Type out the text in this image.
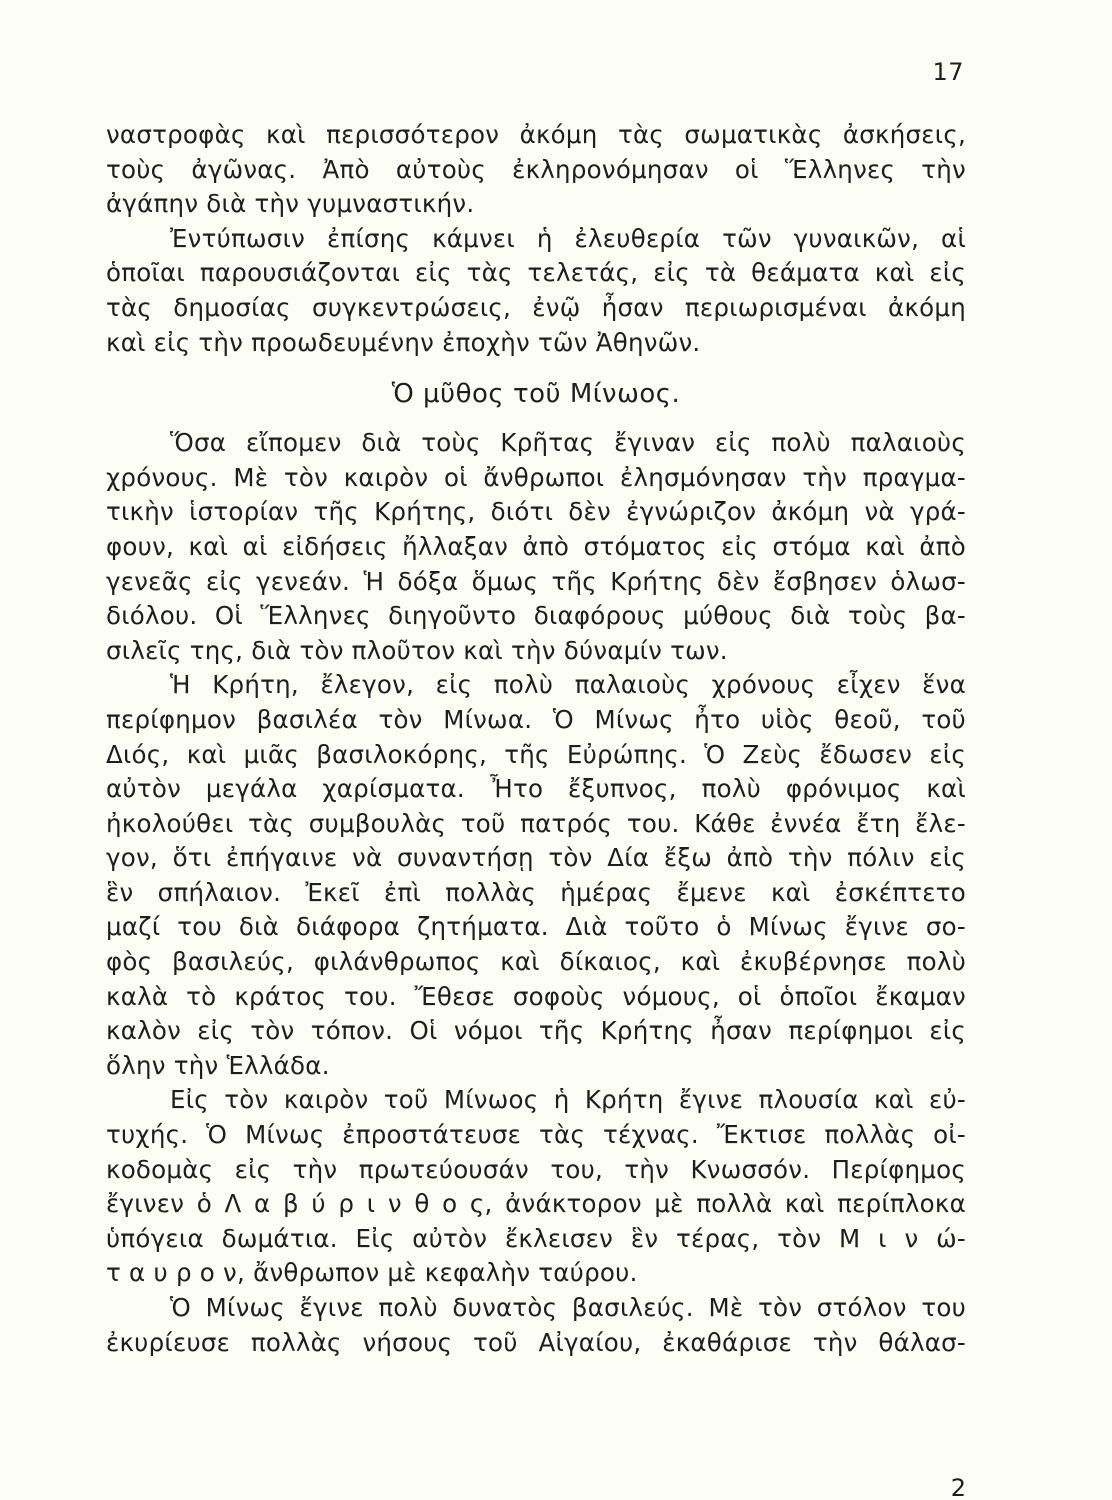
17
ναστροφὰς καὶ περισσότερον ἀκόμη τὰς σωματικὰς ἀσκήσεις,
τοὺς ἀγῶνας. Ἀπὸ αὐτοὺς ἐκληρονόμησαν οἱ Ἕλληνες τὴν
ἀγάπην διὰ τὴν γυμναστικήν.
Ἐντύπωσιν ἐπίσης κάμνει ἡ ἐλευθερία τῶν γυναικῶν, αἱ
ὁποῖαι παρουσιάζονται εἰς τὰς τελετάς, εἰς τὰ θεάματα καὶ εἰς
τὰς δημοσίας συγκεντρώσεις, ἐνῷ ἦσαν περιωρισμέναι ἀκόμη
καὶ εἰς τὴν προωδευμένην ἐποχὴν τῶν Ἀθηνῶν.
Ὁ μῦθος τοῦ Μίνωος.
Ὅσα εἴπομεν διὰ τοὺς Κρῆτας ἔγιναν εἰς πολὺ παλαιοὺς
χρόνους. Μὲ τὸν καιρὸν οἱ ἄνθρωποι ἐλησμόνησαν τὴν πραγμα-
τικὴν ἱστορίαν τῆς Κρήτης, διότι δὲν ἐγνώριζον ἀκόμη νὰ γρά-
φουν, καὶ αἱ εἰδήσεις ἤλλαξαν ἀπὸ στόματος εἰς στόμα καὶ ἀπὸ
γενεᾶς εἰς γενεάν. Ἡ δόξα ὅμως τῆς Κρήτης δὲν ἔσβησεν ὁλωσ-
διόλου. Οἱ Ἕλληνες διηγοῦντο διαφόρους μύθους διὰ τοὺς βα-
σιλεῖς της, διὰ τὸν πλοῦτον καὶ τὴν δύναμίν των.
Ἡ Κρήτη, ἔλεγον, εἰς πολὺ παλαιοὺς χρόνους εἶχεν ἕνα
περίφημον βασιλέα τὸν Μίνωα. Ὁ Μίνως ἦτο υἱὸς θεοῦ, τοῦ
Διός, καὶ μιᾶς βασιλοκόρης, τῆς Εὐρώπης. Ὁ Ζεὺς ἔδωσεν εἰς
αὐτὸν μεγάλα χαρίσματα. Ἦτο ἔξυπνος, πολὺ φρόνιμος καὶ
ἠκολούθει τὰς συμβουλὰς τοῦ πατρός του. Κάθε ἐννέα ἔτη ἔλε-
γον, ὅτι ἐπήγαινε νὰ συναντήσῃ τὸν Δία ἔξω ἀπὸ τὴν πόλιν εἰς
ἓν σπήλαιον. Ἐκεῖ ἐπὶ πολλὰς ἡμέρας ἔμενε καὶ ἐσκέπτετο
μαζί του διὰ διάφορα ζητήματα. Διὰ τοῦτο ὁ Μίνως ἔγινε σο-
φὸς βασιλεύς, φιλάνθρωπος καὶ δίκαιος, καὶ ἐκυβέρνησε πολὺ
καλὰ τὸ κράτος του. Ἔθεσε σοφοὺς νόμους, οἱ ὁποῖοι ἔκαμαν
καλὸν εἰς τὸν τόπον. Οἱ νόμοι τῆς Κρήτης ἦσαν περίφημοι εἰς
ὅλην τὴν Ἑλλάδα.
Εἰς τὸν καιρὸν τοῦ Μίνωος ἡ Κρήτη ἔγινε πλουσία καὶ εὐ-
τυχής. Ὁ Μίνως ἐπροστάτευσε τὰς τέχνας. Ἔκτισε πολλὰς οἰ-
κοδομὰς εἰς τὴν πρωτεύουσάν του, τὴν Κνωσσόν. Περίφημος
ἔγινεν ὁ Λ α β ύ ρ ι ν θ ο ς, ἀνάκτορον μὲ πολλὰ καὶ περίπλοκα
ὑπόγεια δωμάτια. Εἰς αὐτὸν ἔκλεισεν ἓν τέρας, τὸν Μ ι ν ώ-
τ α υ ρ ο ν, ἄνθρωπον μὲ κεφαλὴν ταύρου.
Ὁ Μίνως ἔγινε πολὺ δυνατὸς βασιλεύς. Μὲ τὸν στόλον του
ἐκυρίευσε πολλὰς νήσους τοῦ Αἰγαίου, ἐκαθάρισε τὴν θάλασ-
2
